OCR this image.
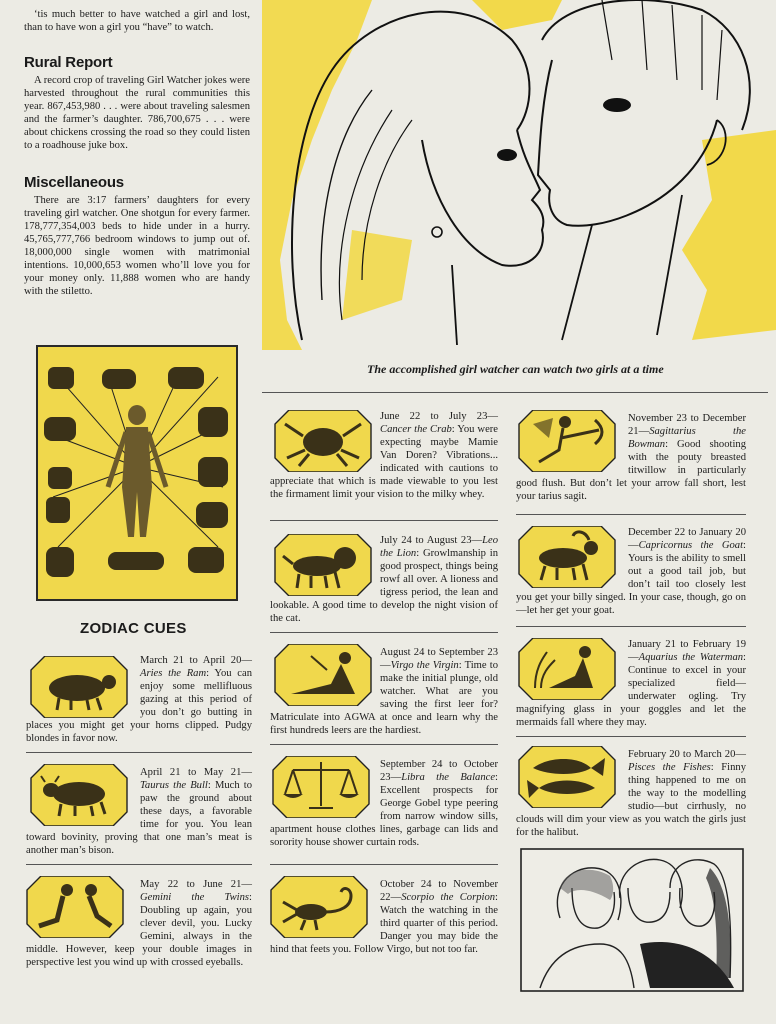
‘tis much better to have watched a girl and lost, than to have won a girl you “have” to watch.

Rural Report

A record crop of traveling Girl Watcher jokes were harvested throughout the rural communities this year. 867,453,980 . . . were about traveling salesmen and the farmer’s daughter. 786,700,675 . . . were about chickens crossing the road so they could listen to a roadhouse juke box.

Miscellaneous

There are 3:17 farmers’ daughters for every traveling girl watcher. One shotgun for every farmer. 178,777,354,003 beds to hide under in a hurry. 45,765,777,766 bedroom windows to jump out of. 18,000,000 single women with matrimonial intentions. 10,000,653 women who’ll love you for your money only. 11,888 women who are handy with the stiletto.

The accomplished girl watcher can watch two girls at a time
ZODIAC CUES

March 21 to April 20—Aries the Ram: You can enjoy some mellifluous gazing at this period of you don’t go butting in places you might get your horns clipped. Pudgy blondes in favor now.

April 21 to May 21—Taurus the Bull: Much to paw the ground about these days, a favorable time for you. You lean toward bovinity, proving that one man’s meat is another man’s bison.

May 22 to June 21—Gemini the Twins: Doubling up again, you clever devil, you. Lucky Gemini, always in the middle. However, keep your double images in perspective lest you wind up with crossed eyeballs.

June 22 to July 23—Cancer the Crab: You were expecting maybe Mamie Van Doren? Vibrations... indicated with cautions to appreciate that which is made viewable to you lest the firmament limit your vision to the milky whey.

July 24 to August 23—Leo the Lion: Growlmanship in good prospect, things being rowf all over. A lioness and tigress period, the lean and lookable. A good time to develop the night vision of the cat.

August 24 to September 23—Virgo the Virgin: Time to make the initial plunge, old watcher. What are you saving the first leer for? Matriculate into AGWA at once and learn why the first hundreds leers are the hardiest.

September 24 to October 23—Libra the Balance: Excellent prospects for George Gobel type peering from narrow window sills, apartment house clothes lines, garbage can lids and sorority house shower curtain rods.

October 24 to November 22—Scorpio the Corpion: Watch the watching in the third quarter of this period. Danger you may bide the hind that feets you. Follow Virgo, but not too far.

November 23 to December 21—Sagittarius the Bowman: Good shooting with the pouty breasted titwillow in particularly good flush. But don’t let your arrow fall short, lest your tarius sagit.

December 22 to January 20—Capricornus the Goat: Yours is the ability to smell out a good tail job, but don’t tail too closely lest you get your billy singed. In your case, though, go on—let her get your goat.

January 21 to February 19—Aquarius the Waterman: Continue to excel in your specialized field—underwater ogling. Try magnifying glass in your goggles and let the mermaids fall where they may.

February 20 to March 20—Pisces the Fishes: Finny thing happened to me on the way to the modelling studio—but cirrhusly, no clouds will dim your view as you watch the girls just for the halibut.
